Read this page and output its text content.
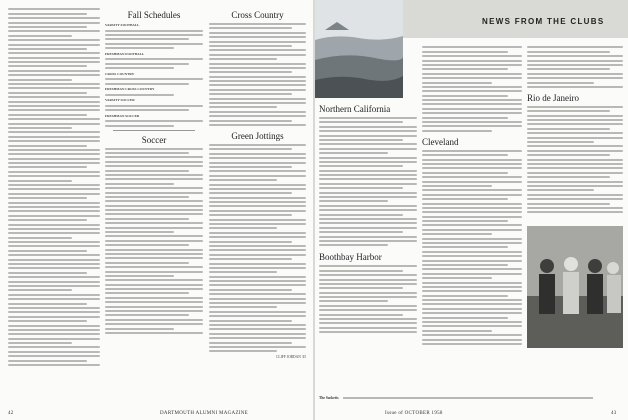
Fall Schedules
VARSITY FOOTBALL
FRESHMAN FOOTBALL
CROSS COUNTRY
FRESHMAN CROSS COUNTRY
VARSITY SOCCER
FRESHMAN SOCCER
Soccer
Cross Country
Green Jottings
CLIFF JORDAN '45
42	DARTMOUTH ALUMNI MAGAZINE
Northern California
Boothbay Harbor
Cleveland
Rio de Janeiro
The Sacketts
Issue of OCTOBER 1958	43
NEWS FROM THE CLUBS
